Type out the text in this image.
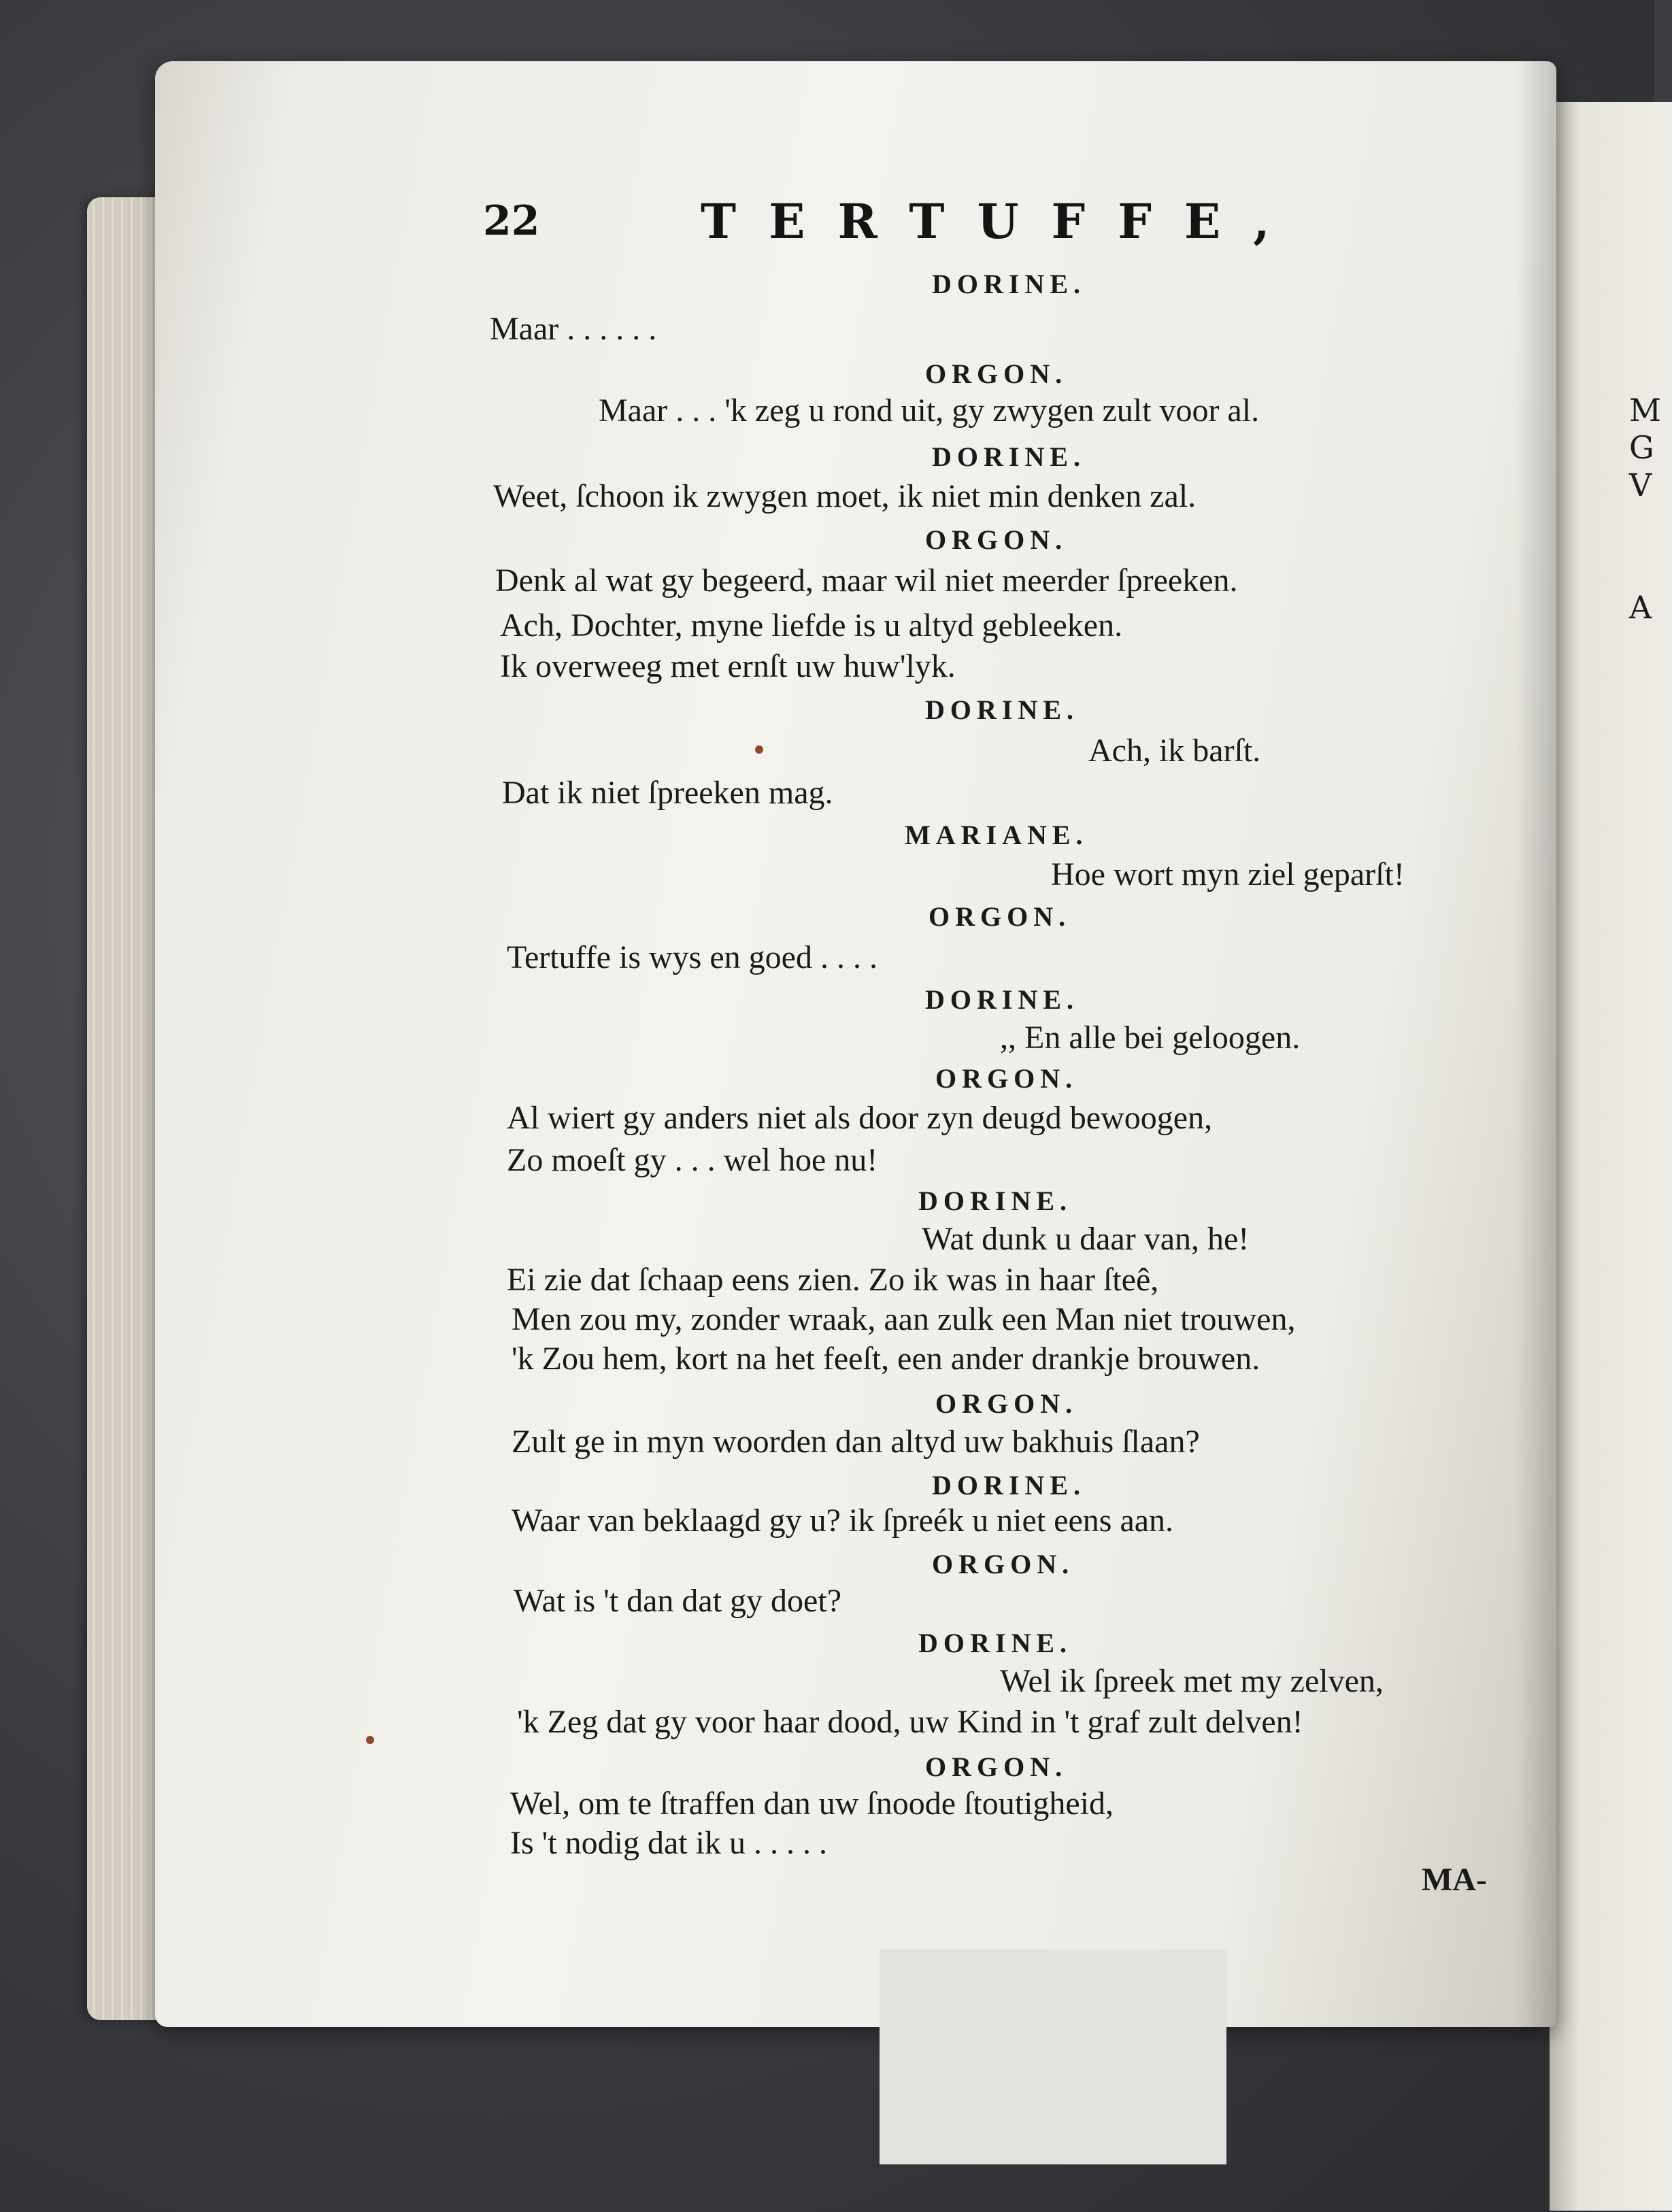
M
G
V
A
22	TERTUFFE,
DORINE.
Maar . . . . . .
ORGON.
Maar . . . 'k zeg u rond uit, gy zwygen zult voor al.
DORINE.
Weet, ſchoon ik zwygen moet, ik niet min denken zal.
ORGON.
Denk al wat gy begeerd, maar wil niet meerder ſpreeken.
Ach, Dochter, myne liefde is u altyd gebleeken.
Ik overweeg met ernſt uw huw'lyk.
DORINE.
Ach, ik barſt.
Dat ik niet ſpreeken mag.
MARIANE.
Hoe wort myn ziel geparſt!
ORGON.
Tertuffe is wys en goed . . . .
DORINE.
,, En alle bei geloogen.
ORGON.
Al wiert gy anders niet als door zyn deugd bewoogen,
Zo moeſt gy . . . wel hoe nu!
DORINE.
Wat dunk u daar van, he!
Ei zie dat ſchaap eens zien. Zo ik was in haar ſteê,
Men zou my, zonder wraak, aan zulk een Man niet trouwen,
'k Zou hem, kort na het feeſt, een ander drankje brouwen.
ORGON.
Zult ge in myn woorden dan altyd uw bakhuis ſlaan?
DORINE.
Waar van beklaagd gy u? ik ſpreék u niet eens aan.
ORGON.
Wat is 't dan dat gy doet?
DORINE.
Wel ik ſpreek met my zelven,
'k Zeg dat gy voor haar dood, uw Kind in 't graf zult delven!
ORGON.
Wel, om te ſtraffen dan uw ſnoode ſtoutigheid,
Is 't nodig dat ik u . . . . .
MA-
